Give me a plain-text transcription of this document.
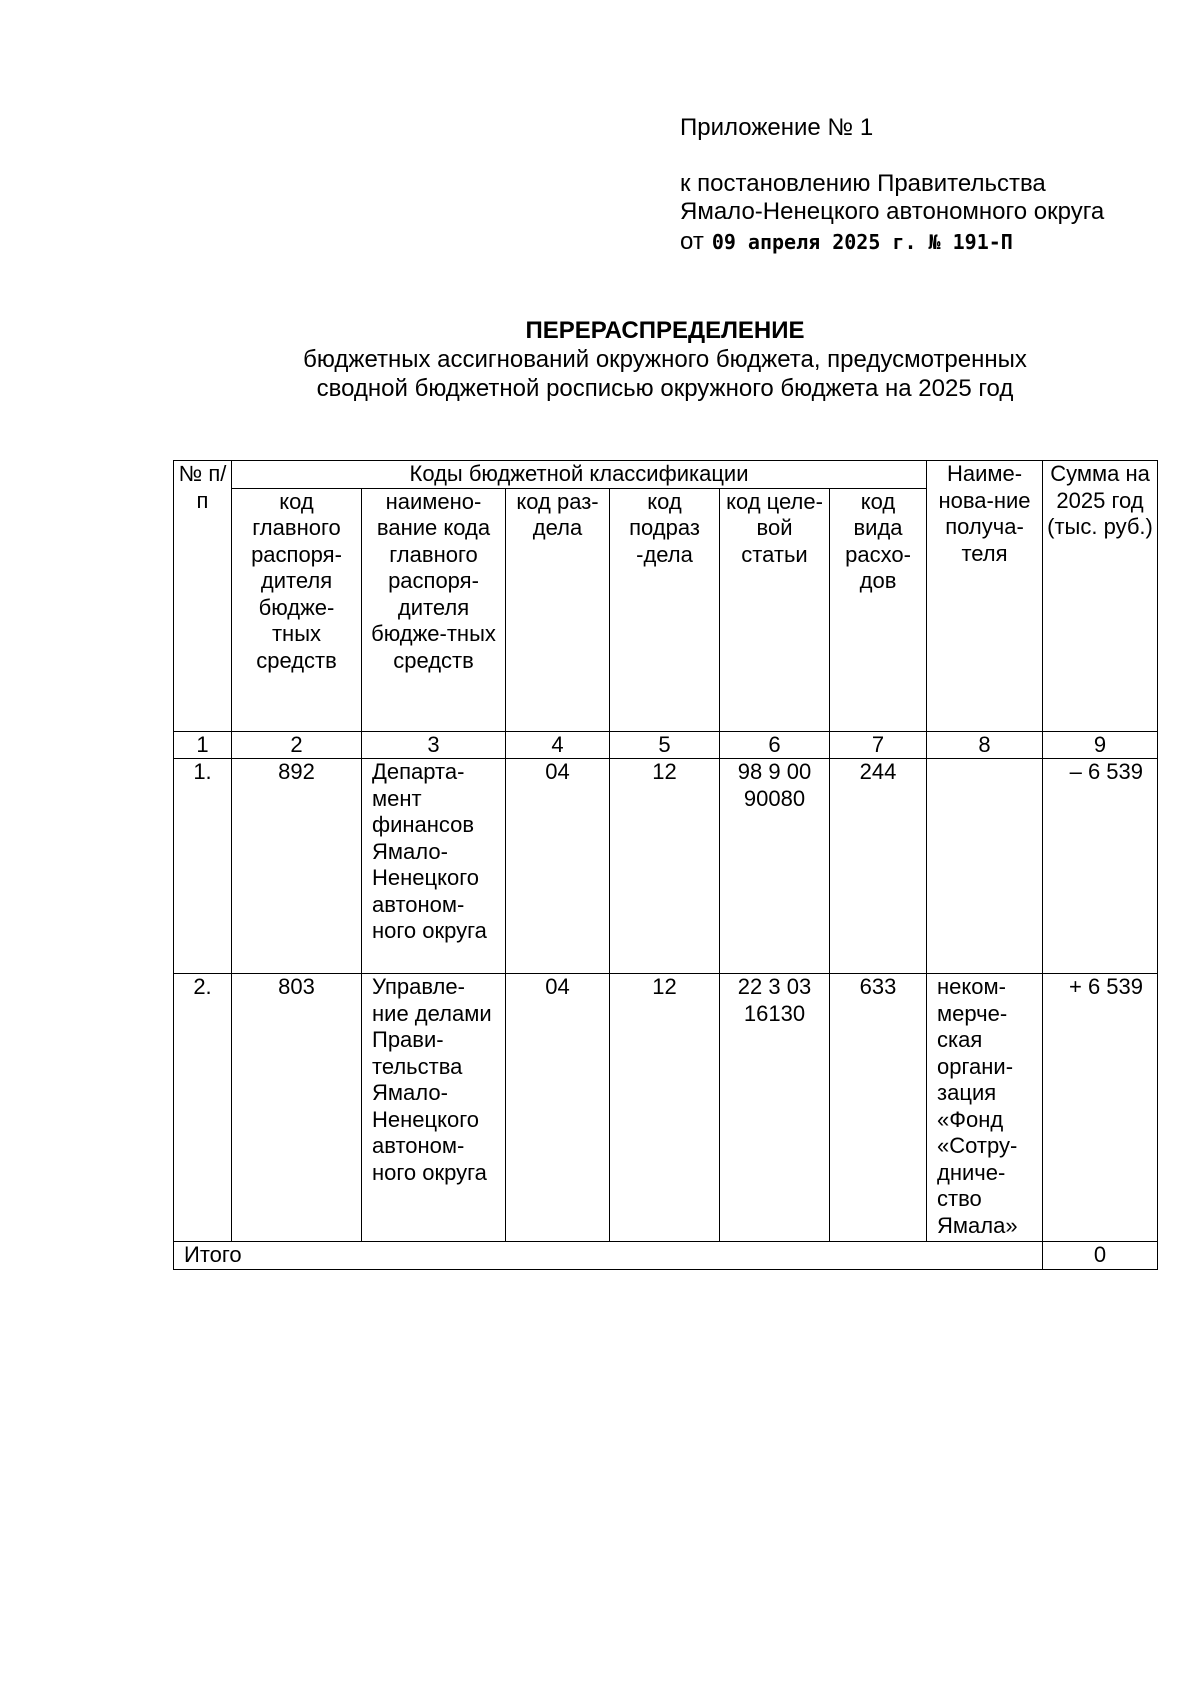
Приложение № 1

к постановлению Правительства

Ямало-Ненецкого автономного округа

от 09 апреля 2025 г. № 191-П

ПЕРЕРАСПРЕДЕЛЕНИЕ

бюджетных ассигнований окружного бюджета, предусмотренных

сводной бюджетной росписью окружного бюджета на 2025 год

№ п/п	Коды бюджетной классификации						Наиме-нова-ние получа-теля	Сумма на 2025 год (тыс. руб.)
	код главного распоря-дителя бюдже-тных средств	наимено-вание кода главного распоря-дителя бюдже-тных средств	код раз-дела	код подраз -дела	код целе-вой статьи	код вида расхо-дов		
1	2	3	4	5	6	7	8	9
1.	892	Департа-мент финансов Ямало-Ненецкого автоном-ного округа	04	12	98 9 00 90080	244		– 6 539
2.	803	Управле-ние делами Прави-тельства Ямало-Ненецкого автоном-ного округа	04	12	22 3 03 16130	633	неком-мерче-ская органи-зация «Фонд «Сотру-дниче-ство Ямала»	+ 6 539
Итого								0
